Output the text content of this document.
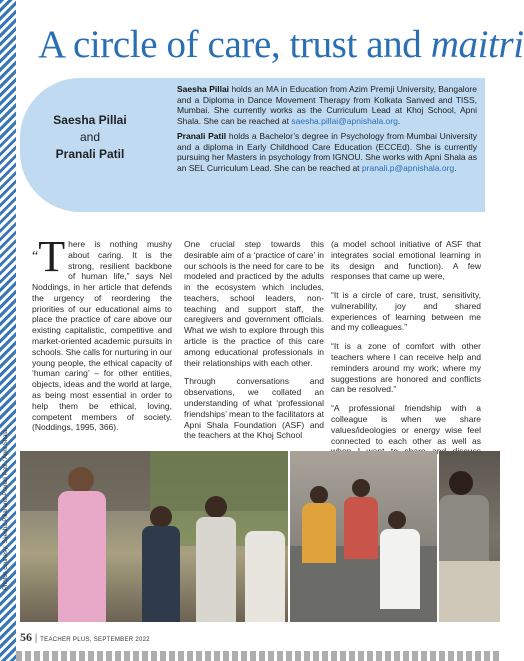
A circle of care, trust and maitri
Saesha Pillai
and
Pranali Patil

Saesha Pillai holds an MA in Education from Azim Premji University, Bangalore and a Diploma in Dance Movement Therapy from Kolkata Sanved and TISS, Mumbai. She currently works as the Curriculum Lead at Khoj School, Apni Shala. She can be reached at saesha.pillai@apnishala.org.

Pranali Patil holds a Bachelor’s degree in Psychology from Mumbai University and a diploma in Early Childhood Care Education (ECCEd). She is currently pursuing her Masters in psychology from IGNOU. She works with Apni Shala as an SEL Curriculum Lead. She can be reached at pranali.p@apnishala.org.

“T here is nothing mushy about caring. It is the strong, resilient backbone of human life,” says Nel Noddings, in her article that defends the urgency of reordering the priorities of our educational aims to place the practice of care above our existing capitalistic, competitive and market-oriented academic pursuits in schools. She calls for nurturing in our young people, the ethical capacity of ‘human caring’ – for other entities, objects, ideas and the world at large, as being most essential in order to help them be ethical, loving, competent members of society. (Noddings, 1995, 366).

One crucial step towards this desirable aim of a ‘practice of care’ in our schools is the need for care to be modeled and practiced by the adults in the ecosystem which includes, teachers, school leaders, non-teaching and support staff, the caregivers and government officials. What we wish to explore through this article is the practice of this care among educational professionals in their relationships with each other.

Through conversations and observations, we collated an understanding of what ‘professional friendships’ mean to the facilitators at Apni Shala Foundation (ASF) and the teachers at the Khoj School

(a model school initiative of ASF that integrates social emotional learning in its design and function). A few responses that came up were,

“It is a circle of care, trust, sensitivity, vulnerability, joy and shared experiences of learning between me and my colleagues.”

“It is a zone of comfort with other teachers where I can receive help and reminders around my work; where my suggestions are honored and conflicts can be resolved.”

“A professional friendship with a colleague is when we share values/ideologies or energy wise feel connected to each other as well as

Photos courtesy: Saesha Pillai and Pranali Patil / Apni Shala
56 | TEACHER PLUS, SEPTEMBER 2022
